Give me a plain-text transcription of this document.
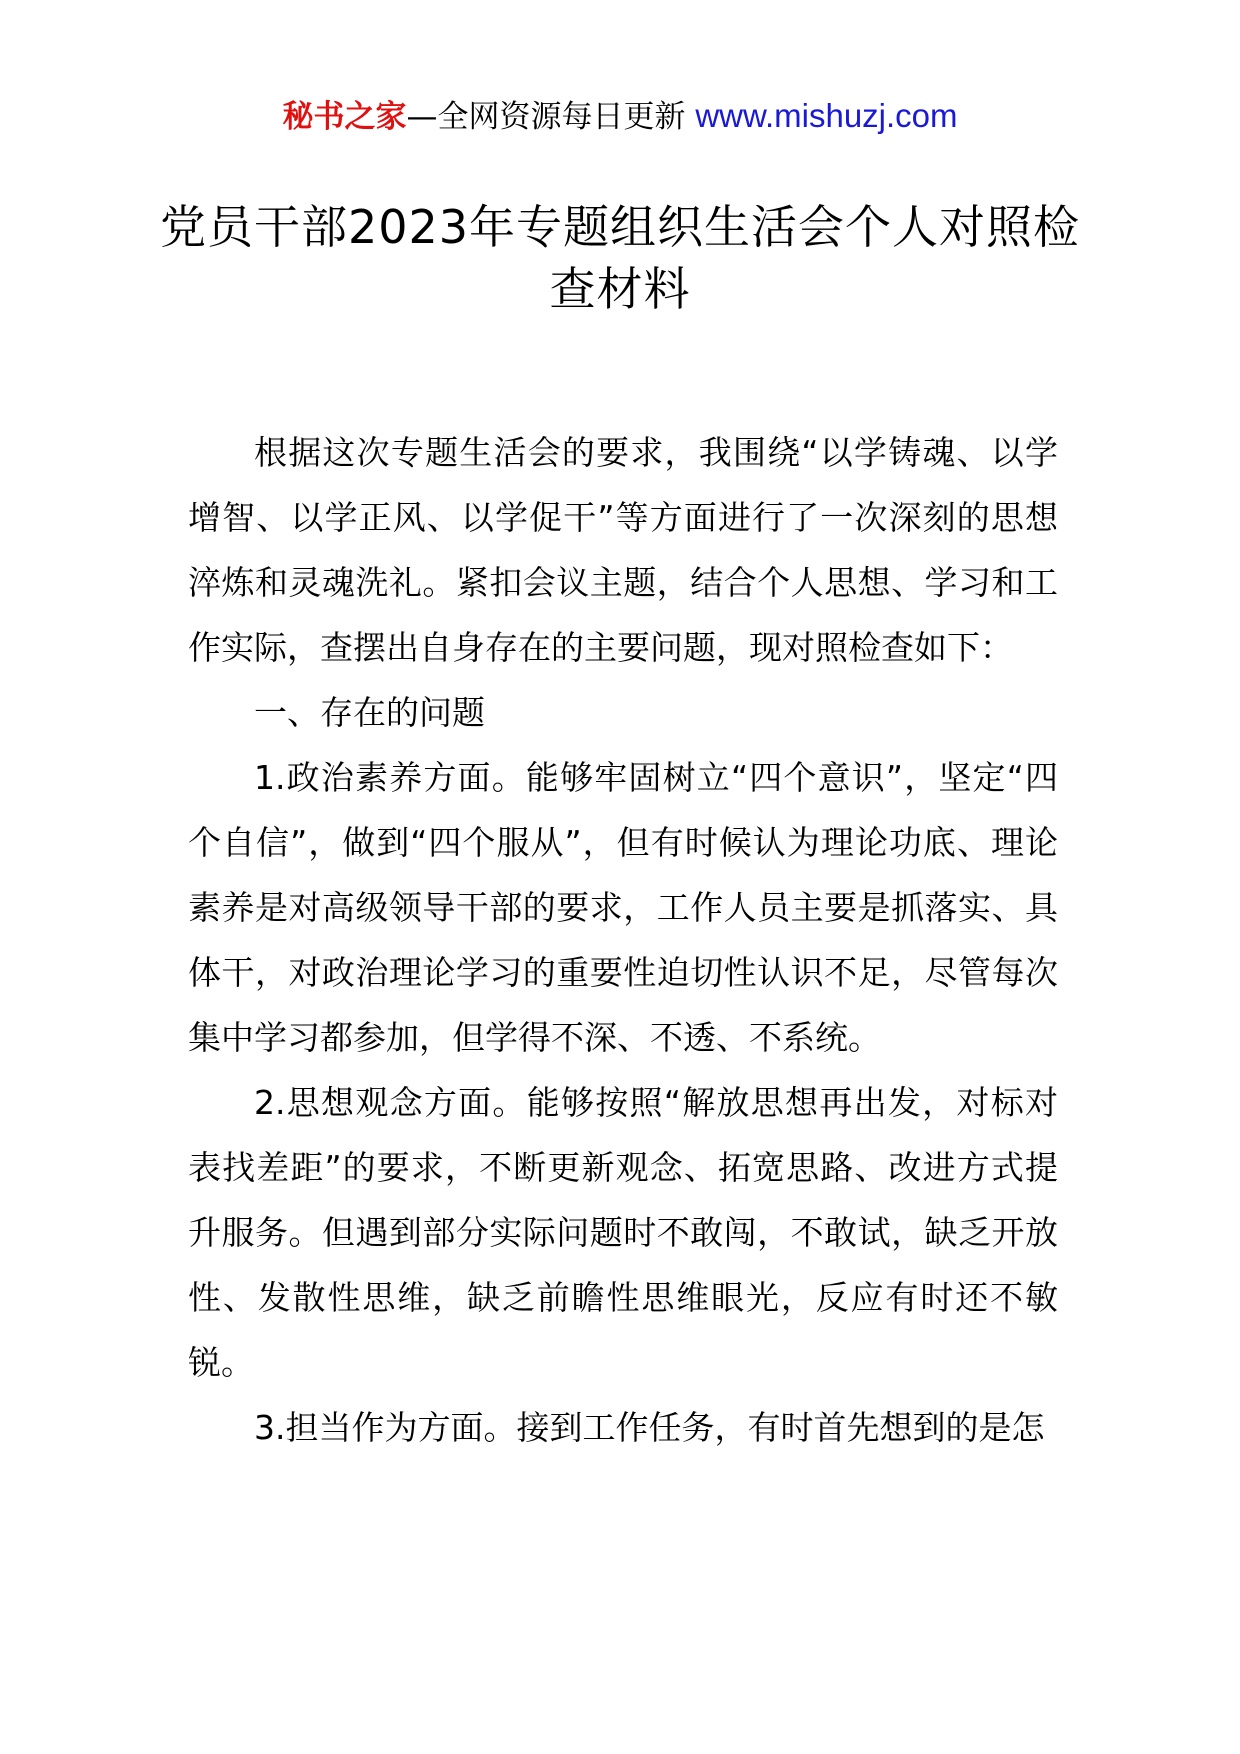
秘书之家—全网资源每日更新 www.mishuzj.com
党员干部2023年专题组织生活会个人对照检查材料

根据这次专题生活会的要求，我围绕“以学铸魂、以学增智、以学正风、以学促干”等方面进行了一次深刻的思想淬炼和灵魂洗礼。紧扣会议主题，结合个人思想、学习和工作实际，查摆出自身存在的主要问题，现对照检查如下：

一、存在的问题

1.政治素养方面。能够牢固树立“四个意识”，坚定“四个自信”，做到“四个服从”，但有时候认为理论功底、理论素养是对高级领导干部的要求，工作人员主要是抓落实、具体干，对政治理论学习的重要性迫切性认识不足，尽管每次集中学习都参加，但学得不深、不透、不系统。

2.思想观念方面。能够按照“解放思想再出发，对标对表找差距”的要求，不断更新观念、拓宽思路、改进方式提升服务。但遇到部分实际问题时不敢闯，不敢试，缺乏开放性、发散性思维，缺乏前瞻性思维眼光，反应有时还不敏锐。

3.担当作为方面。接到工作任务，有时首先想到的是怎
